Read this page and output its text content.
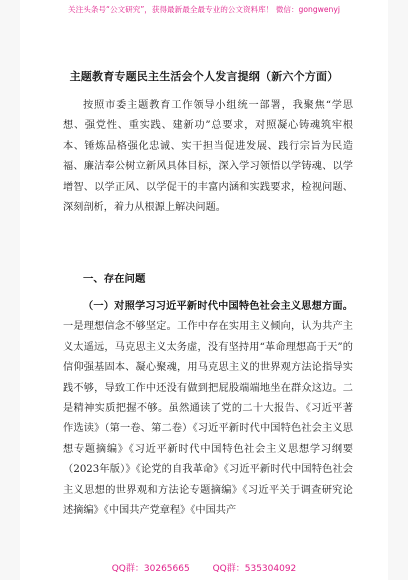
关注头条号“公文研究”，获得最新最全最专业的公文资料库！ 微信：gongwenyj
主题教育专题民主生活会个人发言提纲（新六个方面）

按照市委主题教育工作领导小组统一部署，我聚焦“学思想、强党性、重实践、建新功”总要求，对照凝心铸魂筑牢根本、锤炼品格强化忠诚、实干担当促进发展、践行宗旨为民造福、廉洁奉公树立新风具体目标，深入学习领悟以学铸魂、以学增智、以学正风、以学促干的丰富内涵和实践要求，检视问题、深刻剖析，着力从根源上解决问题。

一、存在问题

（一）对照学习习近平新时代中国特色社会主义思想方面。一是理想信念不够坚定。工作中存在实用主义倾向，认为共产主义太遥远，马克思主义太务虚，没有坚持用“革命理想高于天”的信仰强基固本、凝心聚魂，用马克思主义的世界观方法论指导实践不够，导致工作中还没有做到把屁股端端地坐在群众这边。二是精神实质把握不够。虽然通读了党的二十大报告、《习近平著作选读》（第一卷、第二卷）《习近平新时代中国特色社会主义思想专题摘编》《习近平新时代中国特色社会主义思想学习纲要（2023年版）》《论党的自我革命》《习近平新时代中国特色社会主义思想的世界观和方法论专题摘编》《习近平关于调查研究论述摘编》《中国共产党章程》《中国共产

QQ群：30265665	QQ群：535304092
